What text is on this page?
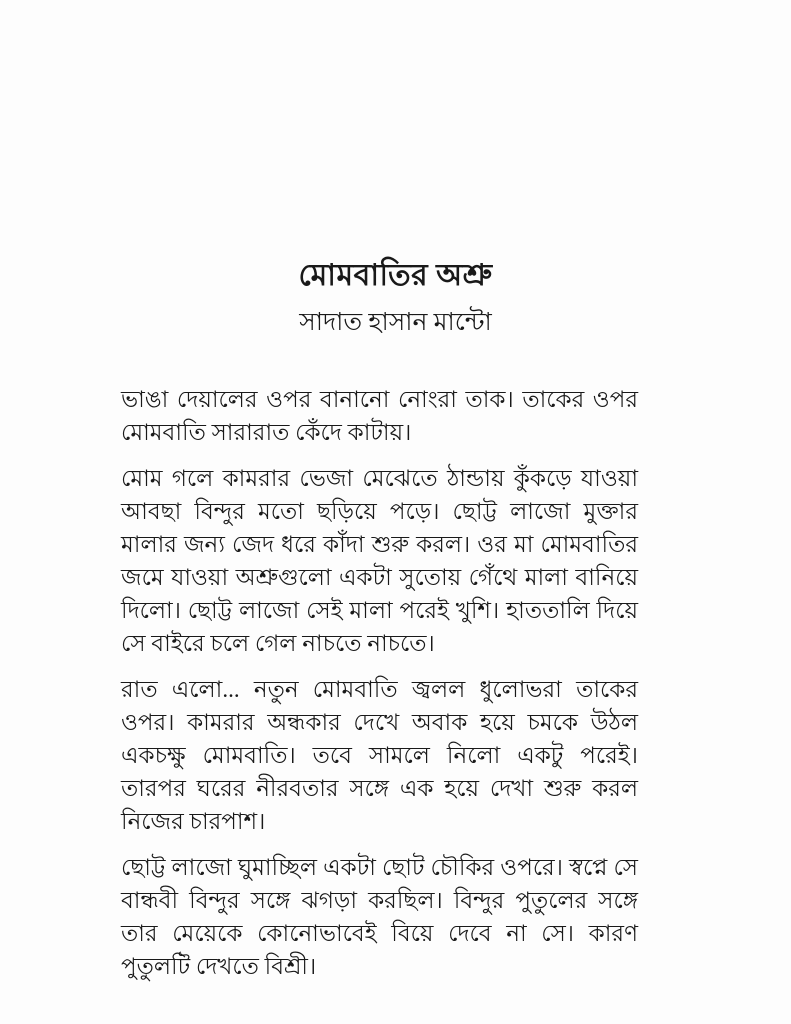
মোমবাতির অশ্রু
সাদাত হাসান মান্টো

ভাঙা দেয়ালের ওপর বানানো নোংরা তাক। তাকের ওপর মোমবাতি সারারাত কেঁদে কাটায়।

মোম গলে কামরার ভেজা মেঝেতে ঠান্ডায় কুঁকড়ে যাওয়া আবছা বিন্দুর মতো ছড়িয়ে পড়ে। ছোট্ট লাজো মুক্তার মালার জন্য জেদ ধরে কাঁদা শুরু করল। ওর মা মোমবাতির জমে যাওয়া অশ্রুগুলো একটা সুতোয় গেঁথে মালা বানিয়ে দিলো। ছোট্ট লাজো সেই মালা পরেই খুশি। হাততালি দিয়ে সে বাইরে চলে গেল নাচতে নাচতে।

রাত এলো... নতুন মোমবাতি জ্বলল ধুলোভরা তাকের ওপর। কামরার অন্ধকার দেখে অবাক হয়ে চমকে উঠল একচক্ষু মোমবাতি। তবে সামলে নিলো একটু পরেই। তারপর ঘরের নীরবতার সঙ্গে এক হয়ে দেখা শুরু করল নিজের চারপাশ।

ছোট্ট লাজো ঘুমাচ্ছিল একটা ছোট চৌকির ওপরে। স্বপ্নে সে বান্ধবী বিন্দুর সঙ্গে ঝগড়া করছিল। বিন্দুর পুতুলের সঙ্গে তার মেয়েকে কোনোভাবেই বিয়ে দেবে না সে। কারণ পুতুলটি দেখতে বিশ্রী।
